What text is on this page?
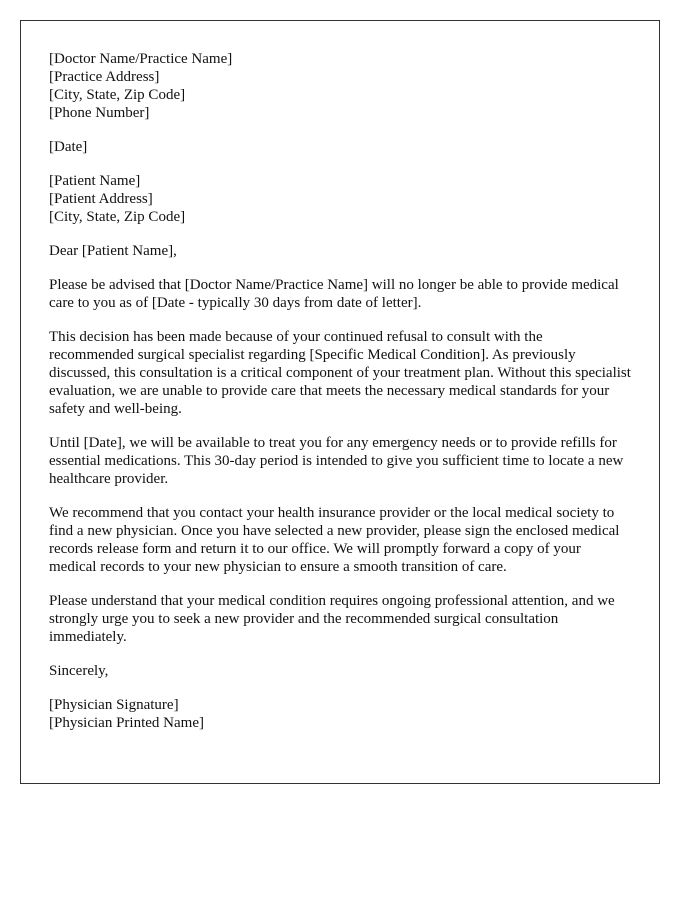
[Doctor Name/Practice Name]
[Practice Address]
[City, State, Zip Code]
[Phone Number]
[Date]
[Patient Name]
[Patient Address]
[City, State, Zip Code]
Dear [Patient Name],

Please be advised that [Doctor Name/Practice Name] will no longer be able to provide medical care to you as of [Date - typically 30 days from date of letter].

This decision has been made because of your continued refusal to consult with the recommended surgical specialist regarding [Specific Medical Condition]. As previously discussed, this consultation is a critical component of your treatment plan. Without this specialist evaluation, we are unable to provide care that meets the necessary medical standards for your safety and well-being.

Until [Date], we will be available to treat you for any emergency needs or to provide refills for essential medications. This 30-day period is intended to give you sufficient time to locate a new healthcare provider.

We recommend that you contact your health insurance provider or the local medical society to find a new physician. Once you have selected a new provider, please sign the enclosed medical records release form and return it to our office. We will promptly forward a copy of your medical records to your new physician to ensure a smooth transition of care.

Please understand that your medical condition requires ongoing professional attention, and we strongly urge you to seek a new provider and the recommended surgical consultation immediately.

Sincerely,
[Physician Signature]
[Physician Printed Name]
